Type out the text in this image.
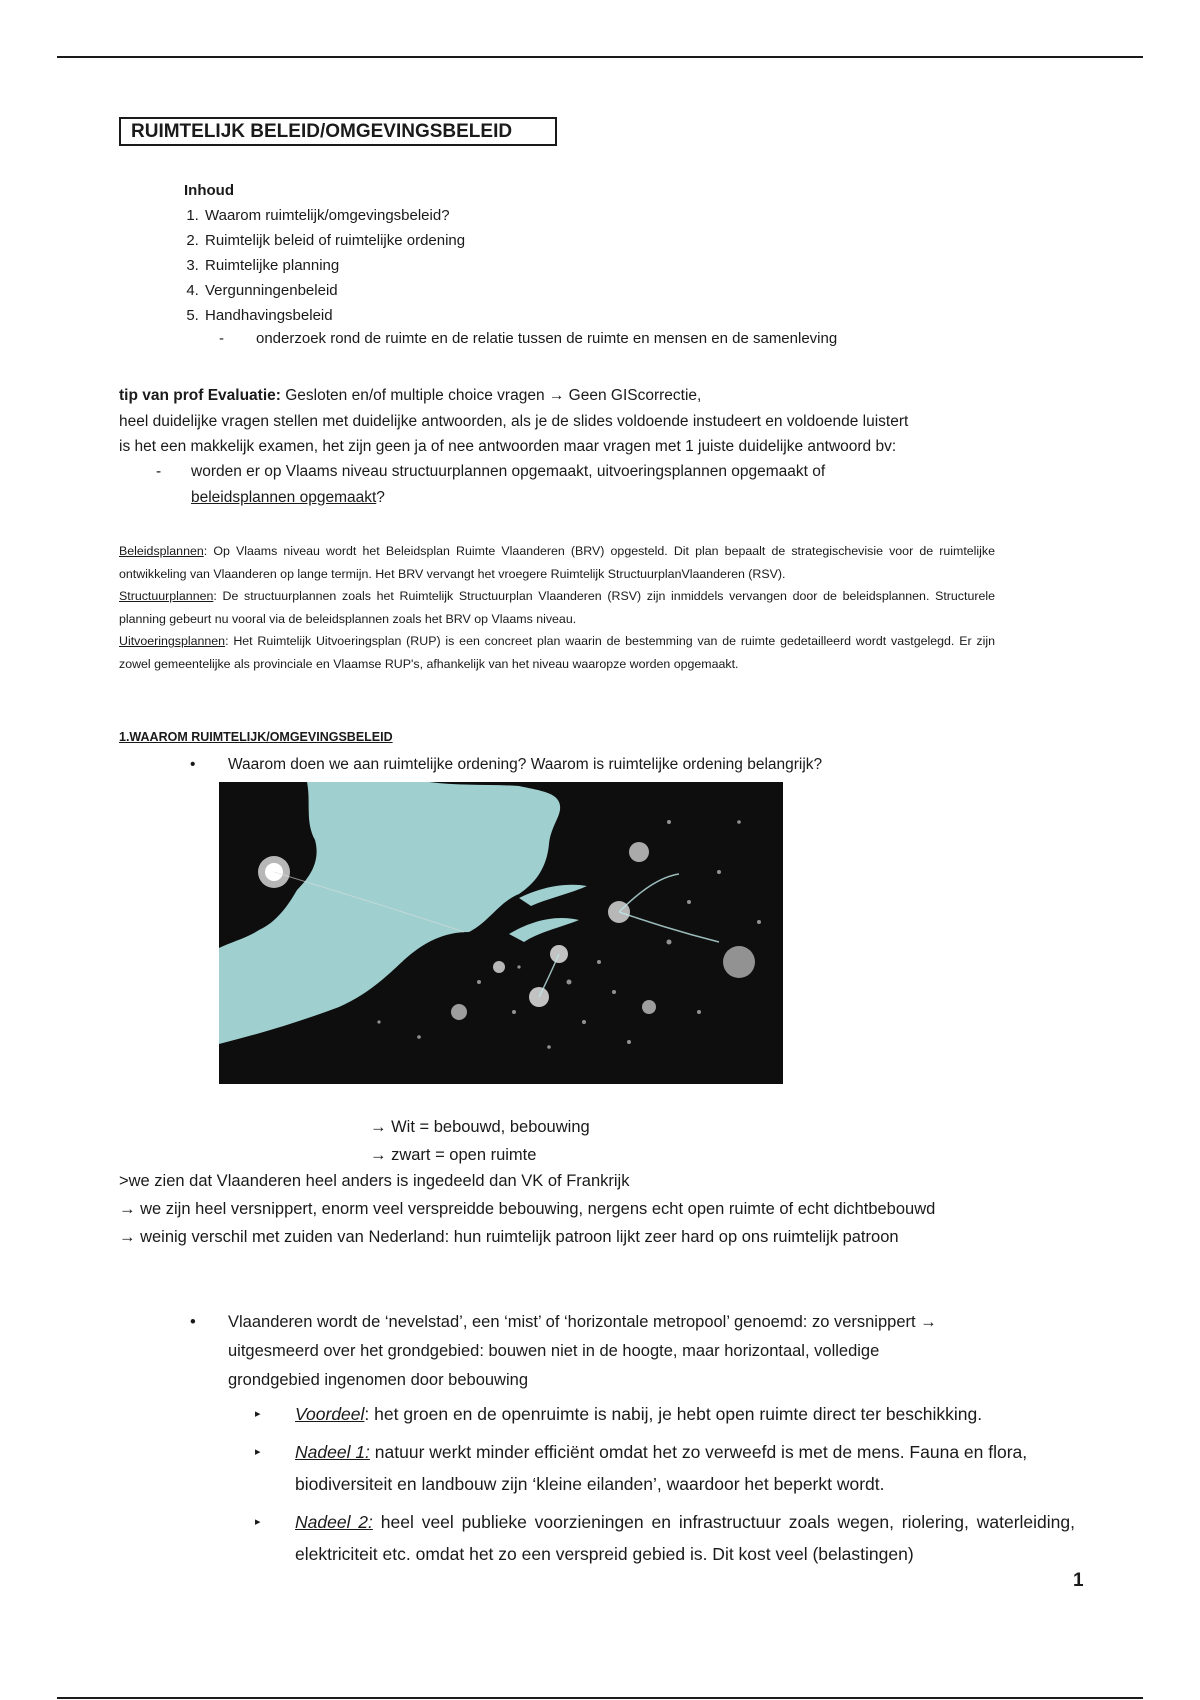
RUIMTELIJK BELEID/OMGEVINGSBELEID
Inhoud
1. Waarom ruimtelijk/omgevingsbeleid?
2. Ruimtelijk beleid of ruimtelijke ordening
3. Ruimtelijke planning
4. Vergunningenbeleid
5. Handhavingsbeleid
- onderzoek rond de ruimte en de relatie tussen de ruimte en mensen en de samenleving
tip van prof Evaluatie: Gesloten en/of multiple choice vragen → Geen GIScorrectie,
heel duidelijke vragen stellen met duidelijke antwoorden, als je de slides voldoende instudeert en voldoende luistert
is het een makkelijk examen, het zijn geen ja of nee antwoorden maar vragen met 1 juiste duidelijke antwoord bv:
- worden er op Vlaams niveau structuurplannen opgemaakt, uitvoeringsplannen opgemaakt of
beleidsplannen opgemaakt?

Beleidsplannen: Op Vlaams niveau wordt het Beleidsplan Ruimte Vlaanderen (BRV) opgesteld. Dit plan bepaalt de strategischevisie voor de ruimtelijke ontwikkeling van Vlaanderen op lange termijn. Het BRV vervangt het vroegere Ruimtelijk StructuurplanVlaanderen (RSV).

Structuurplannen: De structuurplannen zoals het Ruimtelijk Structuurplan Vlaanderen (RSV) zijn inmiddels vervangen door de beleidsplannen. Structurele planning gebeurt nu vooral via de beleidsplannen zoals het BRV op Vlaams niveau.

Uitvoeringsplannen: Het Ruimtelijk Uitvoeringsplan (RUP) is een concreet plan waarin de bestemming van de ruimte gedetailleerd wordt vastgelegd. Er zijn zowel gemeentelijke als provinciale en Vlaamse RUP's, afhankelijk van het niveau waaropze worden opgemaakt.

1.WAAROM RUIMTELIJK/OMGEVINGSBELEID
• Waarom doen we aan ruimtelijke ordening? Waarom is ruimtelijke ordening belangrijk?
→ Wit = bebouwd, bebouwing
→ zwart = open ruimte

>we zien dat Vlaanderen heel anders is ingedeeld dan VK of Frankrijk

→ we zijn heel versnippert, enorm veel verspreidde bebouwing, nergens echt open ruimte of echt dichtbebouwd

→ weinig verschil met zuiden van Nederland: hun ruimtelijk patroon lijkt zeer hard op ons ruimtelijk patroon

• Vlaanderen wordt de ‘nevelstad’, een ‘mist’ of ‘horizontale metropool’ genoemd: zo versnippert → uitgesmeerd over het grondgebied: bouwen niet in de hoogte, maar horizontaal, volledige grondgebied ingenomen door bebouwing
▸ Voordeel: het groen en de openruimte is nabij, je hebt open ruimte direct ter beschikking.
▸ Nadeel 1: natuur werkt minder efficiënt omdat het zo verweefd is met de mens. Fauna en flora, biodiversiteit en landbouw zijn ‘kleine eilanden’, waardoor het beperkt wordt.
▸ Nadeel 2: heel veel publieke voorzieningen en infrastructuur zoals wegen, riolering, waterleiding, elektriciteit etc. omdat het zo een verspreid gebied is. Dit kost veel (belastingen)
1
